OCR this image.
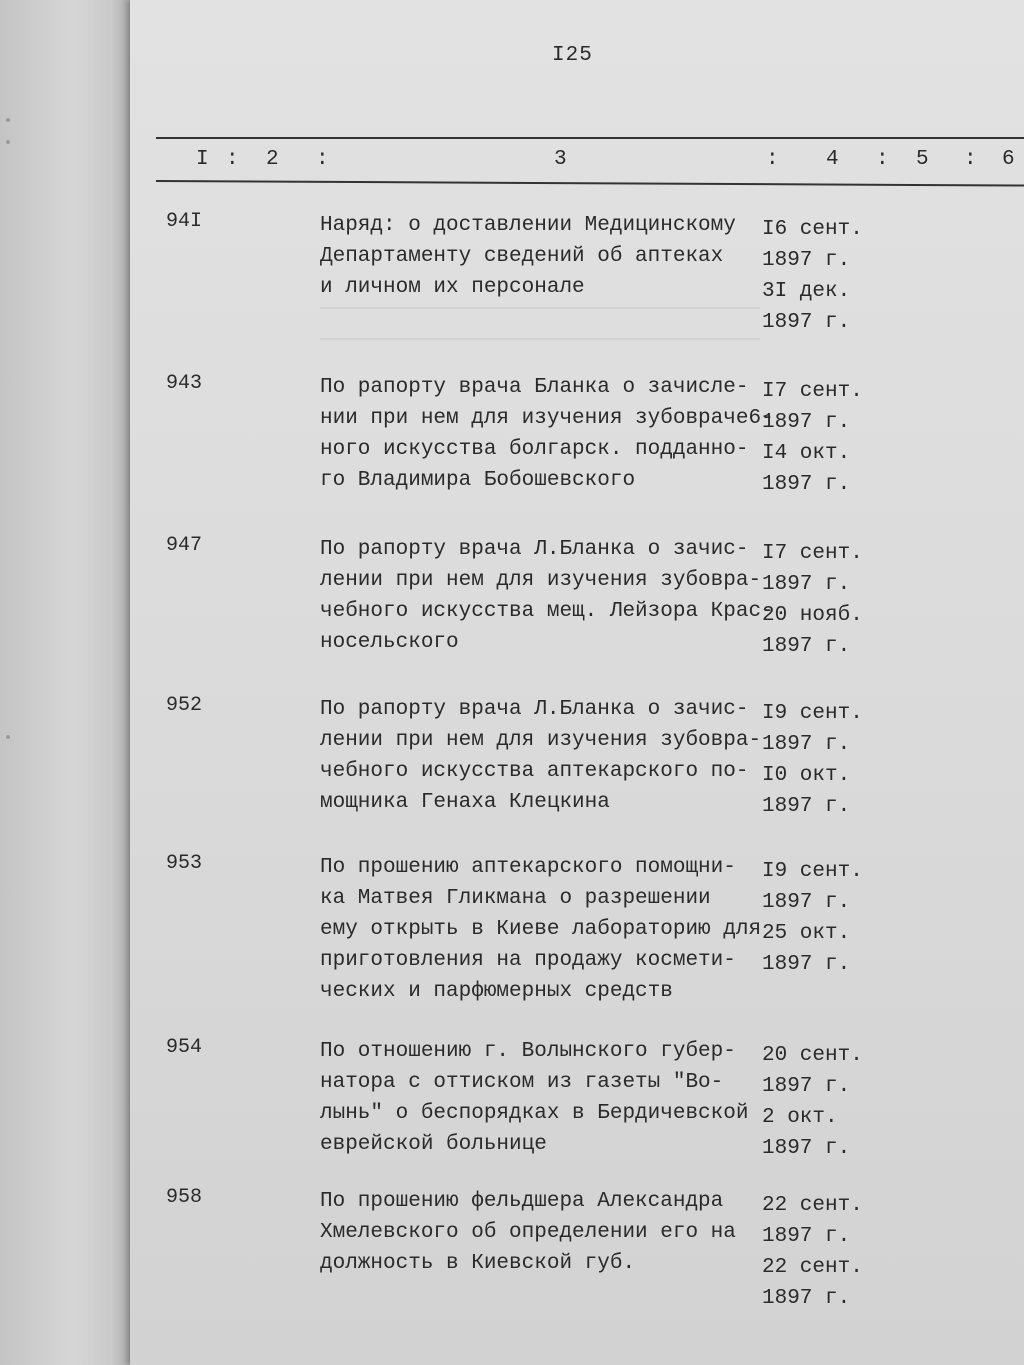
I25
I : 2 :	3	: 4 : 5 : 6
94I	Наряд: о доставлении Медицинскому
Департаменту сведений об аптеках
и личном их персонале
I6 сент.
1897 г.
3I дек.
1897 г.
943	По рапорту врача Бланка о зачисле-
нии при нем для изучения зубовраче6-
ного искусства болгарск. подданно-
го Владимира Бобошевского
I7 сент.
1897 г.
I4 окт.
1897 г.
947	По рапорту врача Л.Бланка о зачис-
лении при нем для изучения зубовра-
чебного искусства мещ. Лейзора Крас-
носельского
I7 сент.
1897 г.
20 нояб.
1897 г.
952	По рапорту врача Л.Бланка о зачис-
лении при нем для изучения зубовра-
чебного искусства аптекарского по-
мощника Генаха Клецкина
I9 сент.
1897 г.
I0 окт.
1897 г.
953	По прошению аптекарского помощни-
ка Матвея Гликмана о разрешении
ему открыть в Киеве лабораторию для
приготовления на продажу космети-
ческих и парфюмерных средств
I9 сент.
1897 г.
25 окт.
1897 г.
954	По отношению г. Волынского губер-
натора с оттиском из газеты "Во-
лынь" о беспорядках в Бердичевской
еврейской больнице
20 сент.
1897 г.
2 окт.
1897 г.
958	По прошению фельдшера Александра
Хмелевского об определении его на
должность в Киевской губ.
22 сент.
1897 г.
22 сент.
1897 г.
